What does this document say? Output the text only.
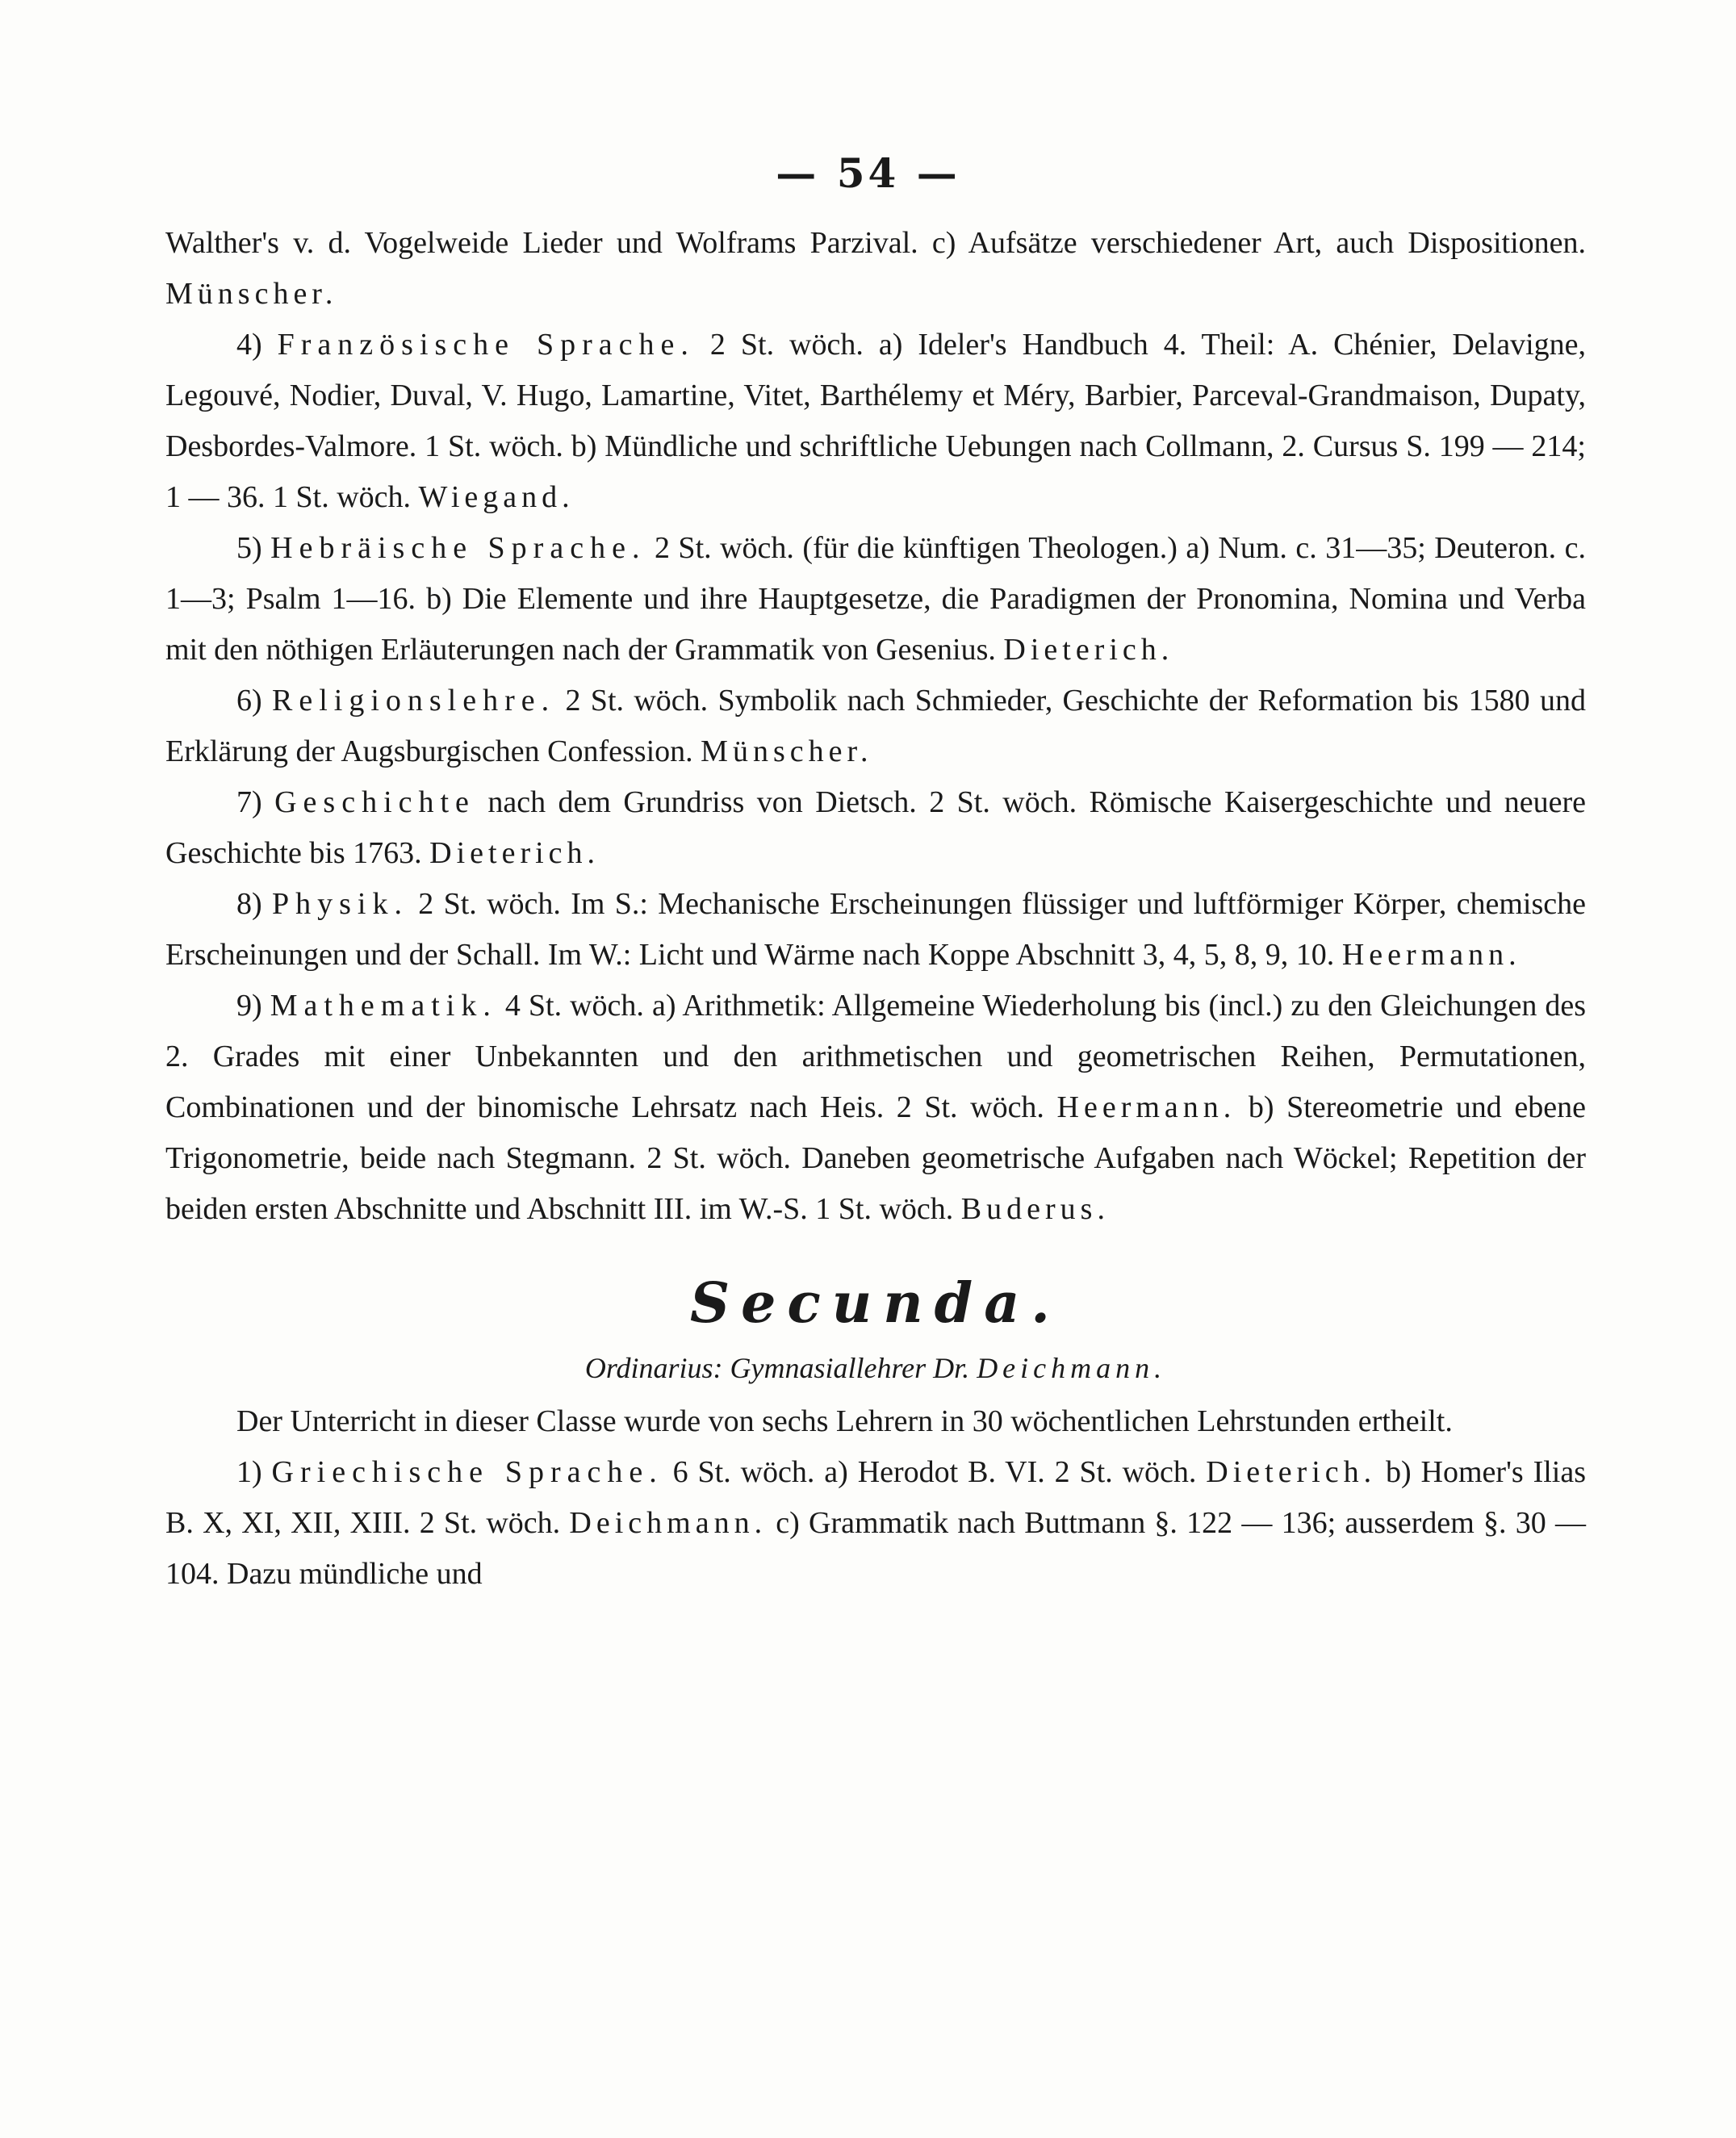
— 54 —

Walther's v. d. Vogelweide Lieder und Wolframs Parzival. c) Aufsätze verschiedener Art, auch Dispositionen. Münscher.

4) Französische Sprache. 2 St. wöch. a) Ideler's Handbuch 4. Theil: A. Chénier, Delavigne, Legouvé, Nodier, Duval, V. Hugo, Lamartine, Vitet, Barthélemy et Méry, Barbier, Parceval-Grandmaison, Dupaty, Desbordes-Valmore. 1 St. wöch. b) Mündliche und schriftliche Uebungen nach Collmann, 2. Cursus S. 199 — 214; 1 — 36. 1 St. wöch. Wiegand.

5) Hebräische Sprache. 2 St. wöch. (für die künftigen Theologen.) a) Num. c. 31—35; Deuteron. c. 1—3; Psalm 1—16. b) Die Elemente und ihre Hauptgesetze, die Paradigmen der Pronomina, Nomina und Verba mit den nöthigen Erläuterungen nach der Grammatik von Gesenius. Dieterich.

6) Religionslehre. 2 St. wöch. Symbolik nach Schmieder, Geschichte der Reformation bis 1580 und Erklärung der Augsburgischen Confession. Münscher.

7) Geschichte nach dem Grundriss von Dietsch. 2 St. wöch. Römische Kaisergeschichte und neuere Geschichte bis 1763. Dieterich.

8) Physik. 2 St. wöch. Im S.: Mechanische Erscheinungen flüssiger und luftförmiger Körper, chemische Erscheinungen und der Schall. Im W.: Licht und Wärme nach Koppe Abschnitt 3, 4, 5, 8, 9, 10. Heermann.

9) Mathematik. 4 St. wöch. a) Arithmetik: Allgemeine Wiederholung bis (incl.) zu den Gleichungen des 2. Grades mit einer Unbekannten und den arithmetischen und geometrischen Reihen, Permutationen, Combinationen und der binomische Lehrsatz nach Heis. 2 St. wöch. Heermann. b) Stereometrie und ebene Trigonometrie, beide nach Stegmann. 2 St. wöch. Daneben geometrische Aufgaben nach Wöckel; Repetition der beiden ersten Abschnitte und Abschnitt III. im W.-S. 1 St. wöch. Buderus.

Secunda.

Ordinarius: Gymnasiallehrer Dr. Deichmann.

Der Unterricht in dieser Classe wurde von sechs Lehrern in 30 wöchentlichen Lehrstunden ertheilt.

1) Griechische Sprache. 6 St. wöch. a) Herodot B. VI. 2 St. wöch. Dieterich. b) Homer's Ilias B. X, XI, XII, XIII. 2 St. wöch. Deichmann. c) Grammatik nach Buttmann §. 122 — 136; ausserdem §. 30 — 104. Dazu mündliche und
